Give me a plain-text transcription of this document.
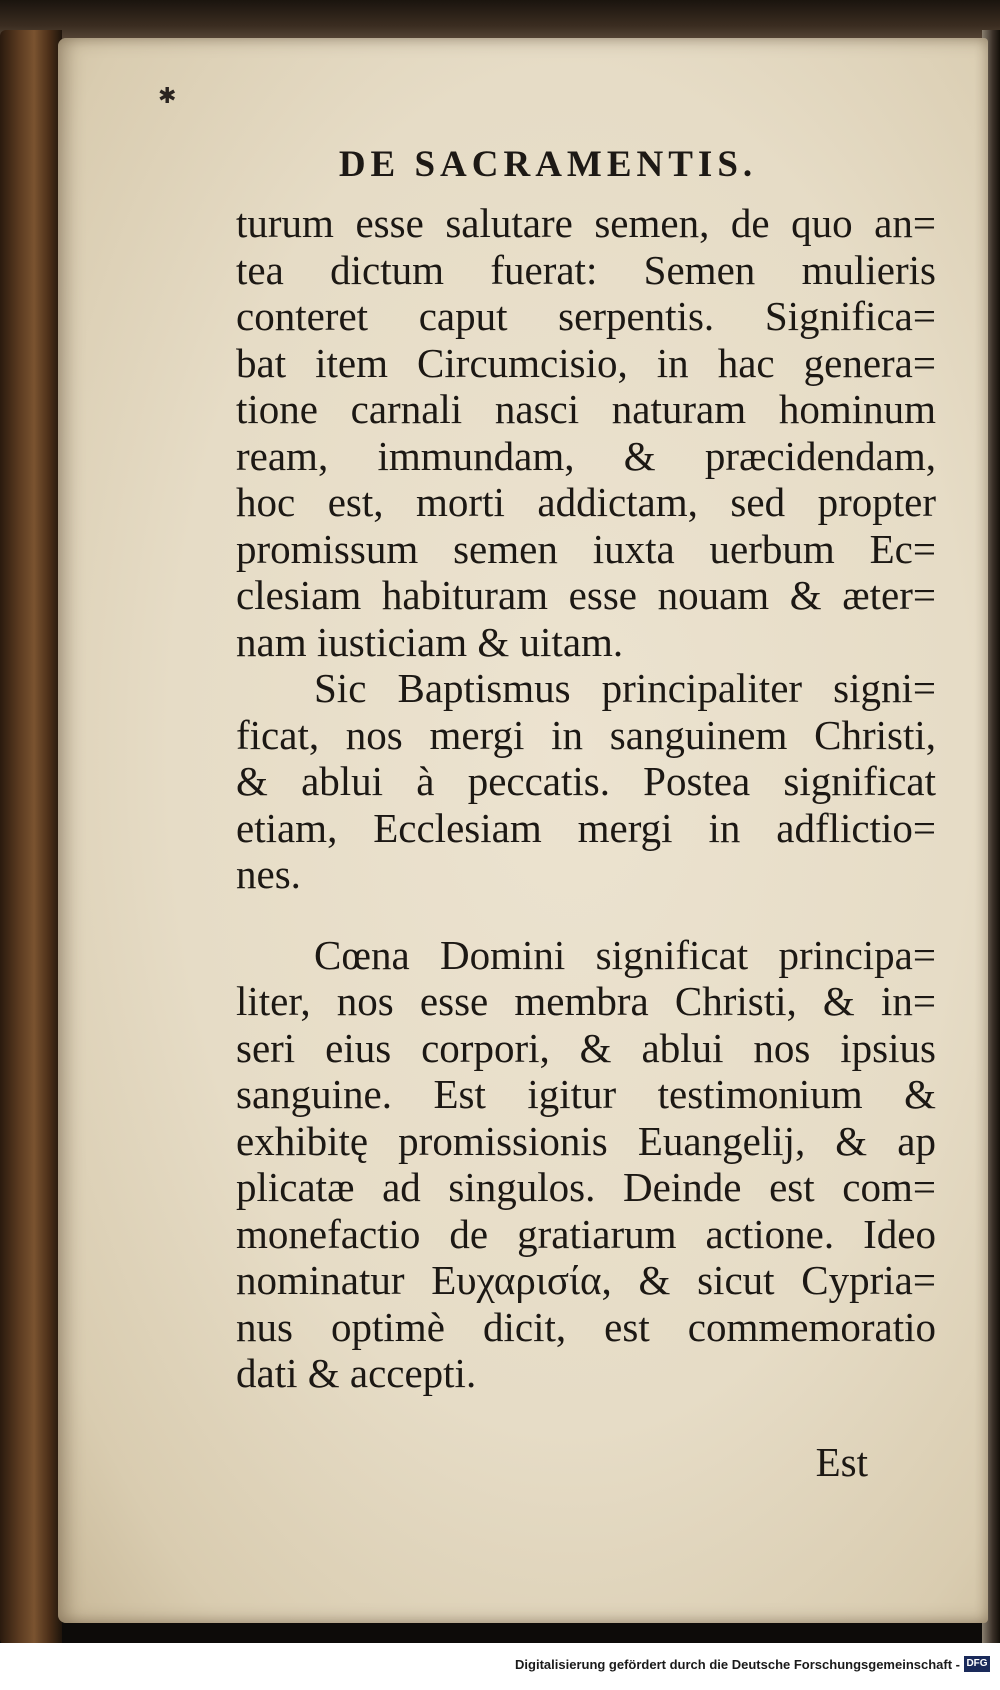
✱
DE SACRAMENTIS.
turum esse salutare semen, de quo an=
tea dictum fuerat: Semen mulieris
conteret caput serpentis. Significa=
bat item Circumcisio, in hac genera=
tione carnali nasci naturam hominum
ream, immundam, & præcidendam,
hoc est, morti addictam, sed propter
promissum semen iuxta uerbum Ec=
clesiam habituram esse nouam & æter=
nam iusticiam & uitam.
Sic Baptismus principaliter signi=
ficat, nos mergi in sanguinem Christi,
& ablui à peccatis. Postea significat
etiam, Ecclesiam mergi in adflictio=
nes.
Cœna Domini significat principa=
liter, nos esse membra Christi, & in=
seri eius corpori, & ablui nos ipsius
sanguine. Est igitur testimonium &
exhibitę promissionis Euangelij, & ap
plicatæ ad singulos. Deinde est com=
monefactio de gratiarum actione. Ideo
nominatur Ευχαρισία, & sicut Cypria=
nus optimè dicit, est commemoratio
dati & accepti.
Est
Digitalisierung gefördert durch die Deutsche Forschungsgemeinschaft - DFG
